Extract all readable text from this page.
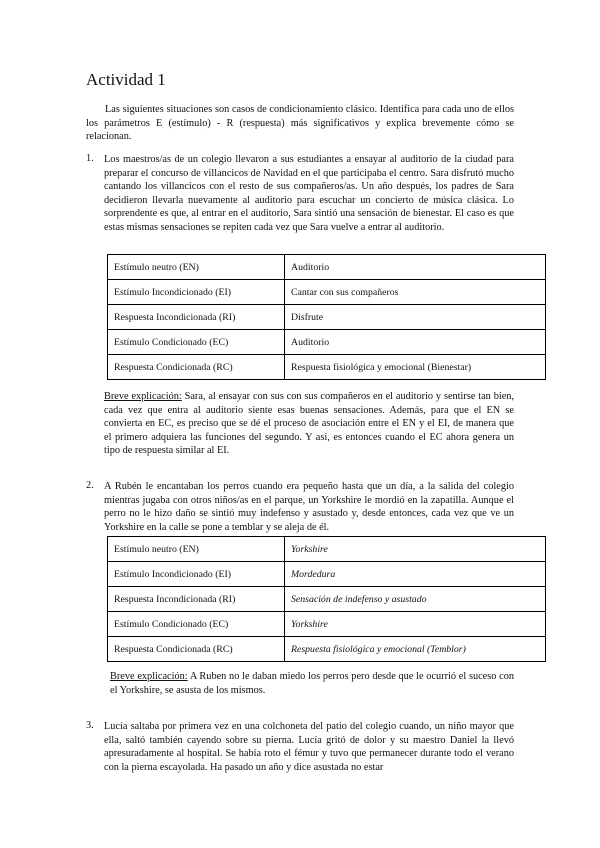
Actividad 1
Las siguientes situaciones son casos de condicionamiento clásico. Identifica para cada uno de ellos los parámetros E (estímulo) - R (respuesta) más significativos y explica brevemente cómo se relacionan.
1. Los maestros/as de un colegio llevaron a sus estudiantes a ensayar al auditorio de la ciudad para preparar el concurso de villancicos de Navidad en el que participaba el centro. Sara disfrutó mucho cantando los villancicos con el resto de sus compañeros/as. Un año después, los padres de Sara decidieron llevarla nuevamente al auditorio para escuchar un concierto de música clásica. Lo sorprendente es que, al entrar en el auditorio, Sara sintió una sensación de bienestar. El caso es que estas mismas sensaciones se repiten cada vez que Sara vuelve a entrar al auditorio.
Estímulo neutro (EN)	Auditorio
Estímulo Incondicionado (EI)	Cantar con sus compañeros
Respuesta Incondicionada (RI)	Disfrute
Estímulo Condicionado (EC)	Auditorio
Respuesta Condicionada (RC)	Respuesta fisiológica y emocional (Bienestar)
Breve explicación: Sara, al ensayar con sus con sus compañeros en el auditorio y sentirse tan bien, cada vez que entra al auditorio siente esas buenas sensaciones. Además, para que el EN se convierta en EC, es preciso que se dé el proceso de asociación entre el EN y el EI, de manera que el primero adquiera las funciones del segundo. Y así, es entonces cuando el EC ahora genera un tipo de respuesta similar al EI.
2. A Rubén le encantaban los perros cuando era pequeño hasta que un día, a la salida del colegio mientras jugaba con otros niños/as en el parque, un Yorkshire le mordió en la zapatilla. Aunque el perro no le hizo daño se sintió muy indefenso y asustado y, desde entonces, cada vez que ve un Yorkshire en la calle se pone a temblar y se aleja de él.
Estímulo neutro (EN)	Yorkshire
Estímulo Incondicionado (EI)	Mordedura
Respuesta Incondicionada (RI)	Sensación de indefenso y asustado
Estímulo Condicionado (EC)	Yorkshire
Respuesta Condicionada (RC)	Respuesta fisiológica y emocional (Temblor)
Breve explicación: A Ruben no le daban miedo los perros pero desde que le ocurrió el suceso con el Yorkshire, se asusta de los mismos.
3. Lucía saltaba por primera vez en una colchoneta del patio del colegio cuando, un niño mayor que ella, saltó también cayendo sobre su pierna. Lucía gritó de dolor y su maestro Daniel la llevó apresuradamente al hospital. Se había roto el fémur y tuvo que permanecer durante todo el verano con la pierna escayolada. Ha pasado un año y dice asustada no estar
